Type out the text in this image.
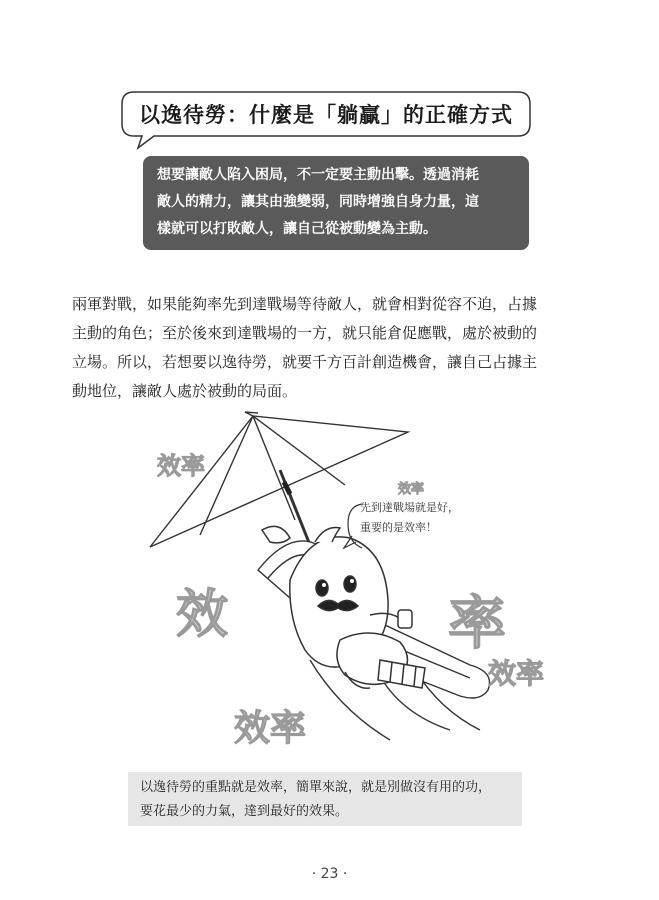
以逸待勞：什麼是「躺贏」的正確方式
想要讓敵人陷入困局，不一定要主動出擊。透過消耗
敵人的精力，讓其由強變弱，同時增強自身力量，這
樣就可以打敗敵人，讓自己從被動變為主動。
兩軍對戰，如果能夠率先到達戰場等待敵人，就會相對從容不迫，占據
主動的角色；至於後來到達戰場的一方，就只能倉促應戰，處於被動的
立場。所以，若想要以逸待勞，就要千方百計創造機會，讓自己占據主
動地位，讓敵人處於被動的局面。
效率
效率
效	率
效率
效率
先到達戰場就是好，
重要的是效率！
以逸待勞的重點就是效率，簡單來說，就是別做沒有用的功，
要花最少的力氣，達到最好的效果。
· 23 ·
